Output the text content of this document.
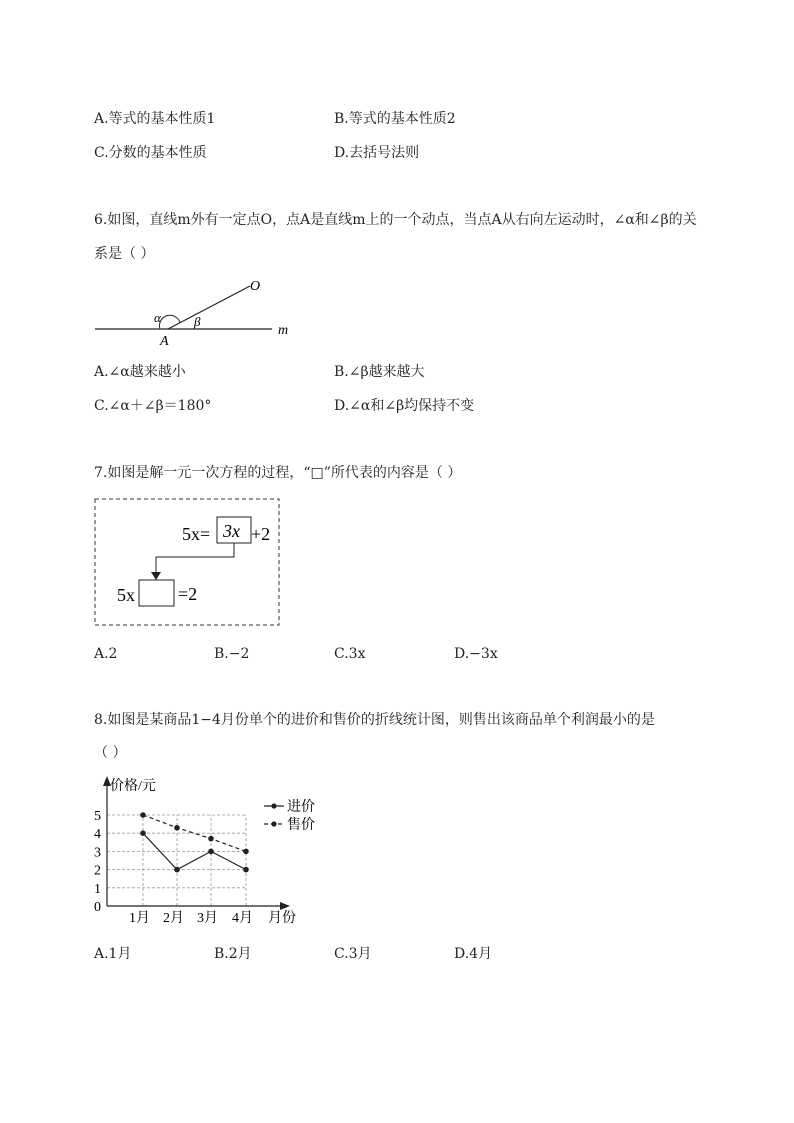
A.等式的基本性质1	B.等式的基本性质2
C.分数的基本性质	D.去括号法则
6.如图，直线m外有一定点O，点A是直线m上的一个动点，当点A从右向左运动时，∠α和∠β的关
系是（ ）
O
α	β
A
m
A.∠α越来越小	B.∠β越来越大
C.∠α＋∠β＝180°	D.∠α和∠β均保持不变
7.如图是解一元一次方程的过程，“□”所代表的内容是（ ）
5x= 3x +2
5x =2
A.2	B.−2	C.3x	D.−3x
8.如图是某商品1−4月份单个的进价和售价的折线统计图，则售出该商品单个利润最小的是
（ ）
价格/元
月份
0
1
2
3
4
5
1月 2月 3月 4月
进价
售价
A.1月	B.2月	C.3月	D.4月
